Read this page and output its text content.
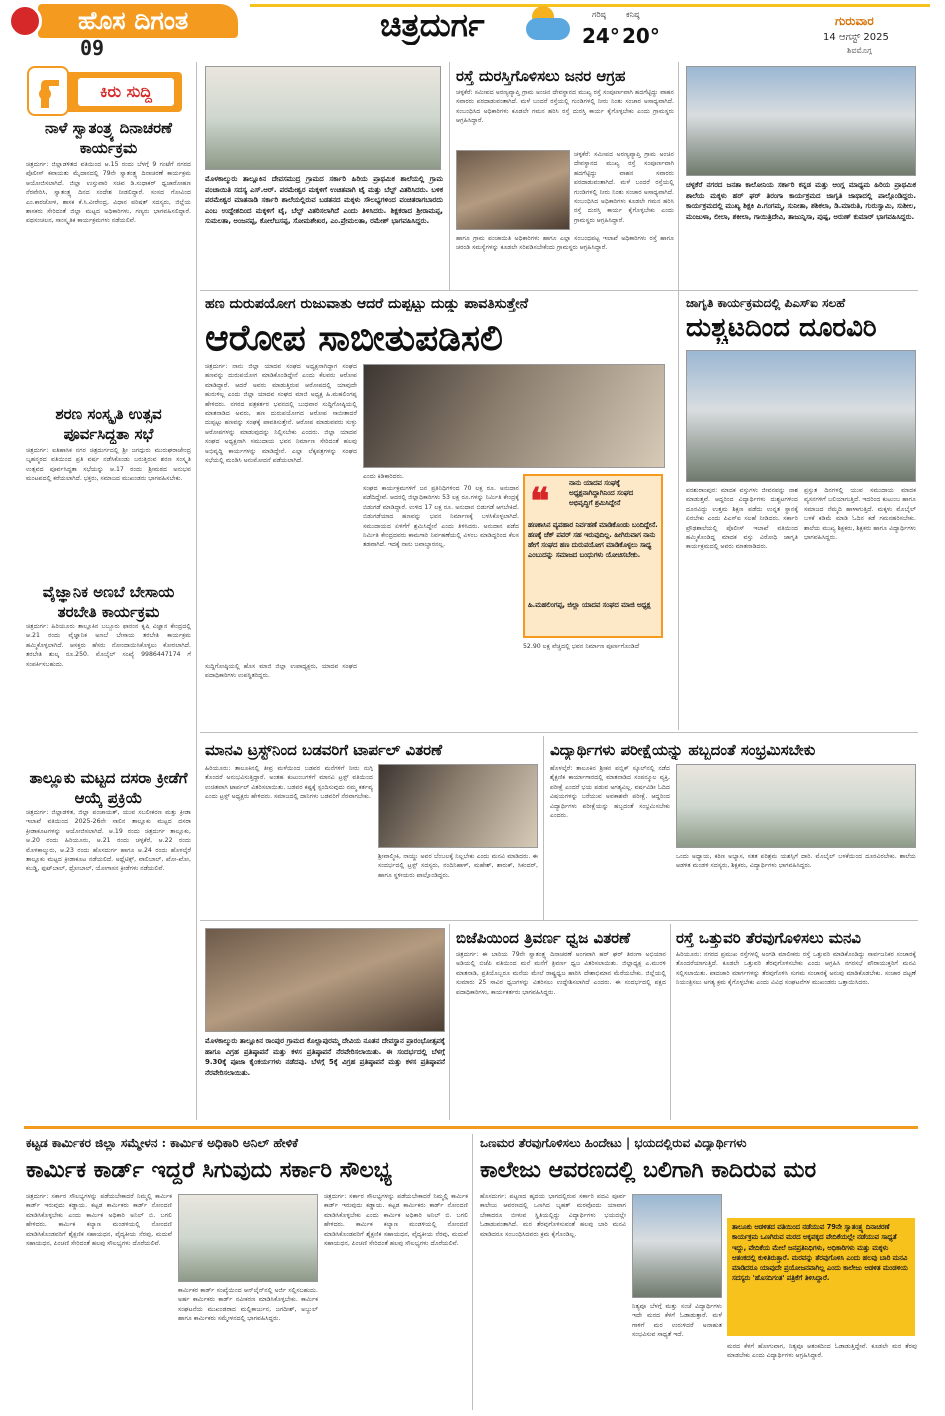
ಹೊಸ ದಿಗಂತ
09
ಚಿತ್ರದುರ್ಗ	ಗರಿಷ್ಠ
24°
ಕನಿಷ್ಠ
20°
ಗುರುವಾರ
14 ಆಗಸ್ಟ್ 2025
ಶಿವಮೊಗ್ಗ
ಕಿರು ಸುದ್ದಿ
ನಾಳೆ ಸ್ವಾತಂತ್ರ್ಯ ದಿನಾಚರಣೆ ಕಾರ್ಯಕ್ರಮ
ಚಿತ್ರದುರ್ಗ: ಜಿಲ್ಲಾಡಳಿತದ ವತಿಯಿಂದ ಆ.15 ರಂದು ಬೆಳಗ್ಗೆ 9 ಗಂಟೆಗೆ ನಗರದ ಪೊಲೀಸ್ ಕವಾಯತು ಮೈದಾನದಲ್ಲಿ 79ನೇ ಸ್ವಾತಂತ್ರ್ಯ ದಿನಾಚರಣೆ ಕಾರ್ಯಕ್ರಮ ಆಯೋಜಿಸಲಾಗಿದೆ. ಜಿಲ್ಲಾ ಉಸ್ತುವಾರಿ ಸಚಿವ ಡಿ.ಸುಧಾಕರ್ ಧ್ವಜಾರೋಹಣ ನೆರವೇರಿಸಿ, ಸ್ವಾತಂತ್ರ್ಯ ದಿನದ ಸಂದೇಶ ನೀಡಲಿದ್ದಾರೆ. ಸಂಸದ ಗೋವಿಂದ ಎಂ.ಕಾರಜೋಳ, ಶಾಸಕ ಕೆ.ಸಿ.ವೀರೇಂದ್ರ, ವಿಧಾನ ಪರಿಷತ್ ಸದಸ್ಯರು, ಜಿಲ್ಲೆಯ ಶಾಸಕರು ಸೇರಿದಂತೆ ಜಿಲ್ಲಾ ಮಟ್ಟದ ಅಧಿಕಾರಿಗಳು, ಗಣ್ಯರು ಭಾಗವಹಿಸಲಿದ್ದಾರೆ. ಪಥಸಂಚಲನ, ಸಾಂಸ್ಕೃತಿಕ ಕಾರ್ಯಕ್ರಮಗಳು ನಡೆಯಲಿವೆ.
ಶರಣ ಸಂಸ್ಕೃತಿ ಉತ್ಸವ ಪೂರ್ವಸಿದ್ಧತಾ ಸಭೆ
ಚಿತ್ರದುರ್ಗ: ಐತಿಹಾಸಿಕ ನಗರ ಚಿತ್ರದುರ್ಗದಲ್ಲಿ ಶ್ರೀ ಜಗದ್ಗುರು ಮುರುಘರಾಜೇಂದ್ರ ಬೃಹನ್ಮಠದ ವತಿಯಿಂದ ಪ್ರತಿ ವರ್ಷ ನಡೆಸಿಕೊಂಡು ಬರುತ್ತಿರುವ ಶರಣ ಸಂಸ್ಕೃತಿ ಉತ್ಸವದ ಪೂರ್ವಸಿದ್ಧತಾ ಸಭೆಯನ್ನು ಆ.17 ರಂದು ಶ್ರೀಮಠದ ಅನುಭವ ಮಂಟಪದಲ್ಲಿ ಕರೆಯಲಾಗಿದೆ. ಭಕ್ತರು, ಸಮಾಜದ ಮುಖಂಡರು ಭಾಗವಹಿಸಬೇಕು.
ವೈಜ್ಞಾನಿಕ ಅಣಬೆ ಬೇಸಾಯ ತರಬೇತಿ ಕಾರ್ಯಕ್ರಮ
ಚಿತ್ರದುರ್ಗ: ಹಿರಿಯೂರು ತಾಲ್ಲೂಕಿನ ಬಬ್ಬೂರು ಫಾರಂನ ಕೃಷಿ ವಿಜ್ಞಾನ ಕೇಂದ್ರದಲ್ಲಿ ಆ.21 ರಂದು ವೈಜ್ಞಾನಿಕ ಅಣಬೆ ಬೇಸಾಯ ತರಬೇತಿ ಕಾರ್ಯಕ್ರಮ ಹಮ್ಮಿಕೊಳ್ಳಲಾಗಿದೆ. ಆಸಕ್ತರು ಹೆಸರು ನೋಂದಾಯಿಸಿಕೊಳ್ಳಲು ಕೋರಲಾಗಿದೆ. ತರಬೇತಿ ಶುಲ್ಕ ರೂ.250. ಮೊಬೈಲ್ ಸಂಖ್ಯೆ 9986447174 ಗೆ ಸಂಪರ್ಕಿಸಬಹುದು.
ತಾಲ್ಲೂಕು ಮಟ್ಟದ ದಸರಾ ಕ್ರೀಡೆಗೆ ಆಯ್ಕೆ ಪ್ರಕ್ರಿಯೆ
ಚಿತ್ರದುರ್ಗ: ಜಿಲ್ಲಾಡಳಿತ, ಜಿಲ್ಲಾ ಪಂಚಾಯತ್, ಯುವ ಸಬಲೀಕರಣ ಮತ್ತು ಕ್ರೀಡಾ ಇಲಾಖೆ ವತಿಯಿಂದ 2025-26ನೇ ಸಾಲಿನ ತಾಲ್ಲೂಕು ಮಟ್ಟದ ದಸರಾ ಕ್ರೀಡಾಕೂಟಗಳನ್ನು ಆಯೋಜಿಸಲಾಗಿದೆ. ಆ.19 ರಂದು ಚಿತ್ರದುರ್ಗ ತಾಲ್ಲೂಕು, ಆ.20 ರಂದು ಹಿರಿಯೂರು, ಆ.21 ರಂದು ಚಳ್ಳಕೆರೆ, ಆ.22 ರಂದು ಮೊಳಕಾಲ್ಮುರು, ಆ.23 ರಂದು ಹೊಸದುರ್ಗ ಹಾಗೂ ಆ.24 ರಂದು ಹೊಳಲ್ಕೆರೆ ತಾಲ್ಲೂಕು ಮಟ್ಟದ ಕ್ರೀಡಾಕೂಟ ನಡೆಯಲಿದೆ. ಅಥ್ಲೆಟಿಕ್ಸ್, ವಾಲಿಬಾಲ್, ಖೋ-ಖೋ, ಕಬಡ್ಡಿ, ಫುಟ್‌ಬಾಲ್, ಥ್ರೋಬಾಲ್, ಯೋಗಾಸನ ಕ್ರೀಡೆಗಳು ನಡೆಯಲಿವೆ.
ಮೊಳಕಾಲ್ಮುರು ತಾಲ್ಲೂಕಿನ ದೇವಸಮುದ್ರ ಗ್ರಾಮದ ಸರ್ಕಾರಿ ಹಿರಿಯ ಪ್ರಾಥಮಿಕ ಶಾಲೆಯಲ್ಲಿ ಗ್ರಾಮ ಪಂಚಾಯಿತಿ ಸದಸ್ಯ ಎಸ್.ಆರ್. ಪರಮೇಶ್ವರ ಮಕ್ಕಳಿಗೆ ಉಚಿತವಾಗಿ ಟೈ ಮತ್ತು ಬೆಲ್ಟ್ ವಿತರಿಸಿದರು. ಬಳಿಕ ಪರಮೇಶ್ವರ ಮಾತನಾಡಿ ಸರ್ಕಾರಿ ಶಾಲೆಯಲ್ಲಿರುವ ಬಡತನದ ಮಕ್ಕಳು ಸೌಲಭ್ಯಗಳಿಂದ ವಂಚಿತರಾಗಬಾರದು ಎಂಬ ಉದ್ದೇಶದಿಂದ ಮಕ್ಕಳಿಗೆ ಟೈ, ಬೆಲ್ಟ್ ವಿತರಿಸಲಾಗಿದೆ ಎಂದು ತಿಳಿಸಿದರು. ಶಿಕ್ಷಕರಾದ ಶ್ರೀರಾಮಪ್ಪ, ಸುಮಲತಾ, ಅಂಜನಪ್ಪ, ಕೋಲೆಬಸಪ್ಪ, ಸೋಮಶೇಖರ, ಎಂ.ಪ್ರೇಮಲತಾ, ರಮೇಶ್ ಭಾಗವಹಿಸಿದ್ದರು.
ರಸ್ತೆ ದುರಸ್ತಿಗೊಳಿಸಲು ಜನರ ಆಗ್ರಹ
ಚಳ್ಳಕೆರೆ: ಸಮೀಪದ ಅರಣ್ಯವ್ಯಾಪ್ತಿ ಗ್ರಾಮ ಅಂಚಿನ ದೇವಸ್ಥಾನದ ಮುಖ್ಯ ರಸ್ತೆ ಸಂಪೂರ್ಣವಾಗಿ ಹದಗೆಟ್ಟಿದ್ದು ವಾಹನ ಸವಾರರು ಪರದಾಡುವಂತಾಗಿದೆ. ಮಳೆ ಬಂದರೆ ರಸ್ತೆಯಲ್ಲಿ ಗುಂಡಿಗಳಲ್ಲಿ ನೀರು ನಿಂತು ಸಂಚಾರ ಅಸಾಧ್ಯವಾಗಿದೆ. ಸಂಬಂಧಿಸಿದ ಅಧಿಕಾರಿಗಳು ಕೂಡಲೇ ಗಮನ ಹರಿಸಿ ರಸ್ತೆ ದುರಸ್ತಿ ಕಾರ್ಯ ಕೈಗೊಳ್ಳಬೇಕು ಎಂದು ಗ್ರಾಮಸ್ಥರು ಆಗ್ರಹಿಸಿದ್ದಾರೆ.
ಚಳ್ಳಕೆರೆ: ಸಮೀಪದ ಅರಣ್ಯವ್ಯಾಪ್ತಿ ಗ್ರಾಮ ಅಂಚಿನ ದೇವಸ್ಥಾನದ ಮುಖ್ಯ ರಸ್ತೆ ಸಂಪೂರ್ಣವಾಗಿ ಹದಗೆಟ್ಟಿದ್ದು ವಾಹನ ಸವಾರರು ಪರದಾಡುವಂತಾಗಿದೆ. ಮಳೆ ಬಂದರೆ ರಸ್ತೆಯಲ್ಲಿ ಗುಂಡಿಗಳಲ್ಲಿ ನೀರು ನಿಂತು ಸಂಚಾರ ಅಸಾಧ್ಯವಾಗಿದೆ. ಸಂಬಂಧಿಸಿದ ಅಧಿಕಾರಿಗಳು ಕೂಡಲೇ ಗಮನ ಹರಿಸಿ ರಸ್ತೆ ದುರಸ್ತಿ ಕಾರ್ಯ ಕೈಗೊಳ್ಳಬೇಕು ಎಂದು ಗ್ರಾಮಸ್ಥರು ಆಗ್ರಹಿಸಿದ್ದಾರೆ.
ಹಾಗೂ ಗ್ರಾಮ ಪಂಚಾಯಿತಿ ಅಧಿಕಾರಿಗಳು ಹಾಗೂ ಎಲ್ಲಾ ಸಂಬಂಧಪಟ್ಟ ಇಲಾಖೆ ಅಧಿಕಾರಿಗಳು ರಸ್ತೆ ಹಾಗೂ ಚರಂಡಿ ಸಮಸ್ಯೆಗಳನ್ನು ಕೂಡಲೇ ಸರಿಪಡಿಸಬೇಕೆಂದು ಗ್ರಾಮಸ್ಥರು ಆಗ್ರಹಿಸಿದ್ದಾರೆ.
ಚಳ್ಳಕೆರೆ ನಗರದ ಜನತಾ ಕಾಲೋನಿಯ ಸರ್ಕಾರಿ ಕನ್ನಡ ಮತ್ತು ಆಂಗ್ಲ ಮಾಧ್ಯಮ ಹಿರಿಯ ಪ್ರಾಥಮಿಕ ಶಾಲೆಯ ಮಕ್ಕಳು ಹರ್ ಘರ್ ತಿರಂಗಾ ಕಾರ್ಯಕ್ರಮದ ಜಾಗೃತಿ ಜಾಥಾದಲ್ಲಿ ಪಾಲ್ಗೊಂಡಿದ್ದರು. ಕಾರ್ಯಕ್ರಮದಲ್ಲಿ ಮುಖ್ಯ ಶಿಕ್ಷಕಿ ಪಿ.ಗಂಗಮ್ಮ, ಸುನೀತಾ, ಶಶಿಕಲಾ, ಡಿ.ಮಾರುತಿ, ಗುರುಸ್ವಾಮಿ, ಸುಶೀಲ, ಮಂಜುಳಾ, ಲೀಲಾ, ಶಕೀಲಾ, ಗಾಯಿತ್ರಿದೇವಿ, ತಾಜುನ್ನಿಸಾ, ಪುಷ್ಪ, ಅರುಣ್ ಕುಮಾರ್ ಭಾಗವಹಿಸಿದ್ದರು.
ಹಣ ದುರುಪಯೋಗ ರುಜುವಾತು ಆದರೆ ದುಪ್ಪಟ್ಟು ದುಡ್ಡು ಪಾವತಿಸುತ್ತೇನೆ
ಆರೋಪ ಸಾಬೀತುಪಡಿಸಲಿ
ಚಿತ್ರದುರ್ಗ: ನಾನು ಜಿಲ್ಲಾ ಯಾದವ ಸಂಘದ ಅಧ್ಯಕ್ಷನಾಗಿದ್ದಾಗ ಸಂಘದ ಹಣವನ್ನು ದುರುಪಯೋಗ ಮಾಡಿಕೊಂಡಿದ್ದೇನೆ ಎಂದು ಕೆಲವರು ಆರೋಪ ಮಾಡಿದ್ದಾರೆ. ಆದರೆ ಅವರು ಮಾಡುತ್ತಿರುವ ಆರೋಪದಲ್ಲಿ ಯಾವುದೇ ಹುರುಳಿಲ್ಲ ಎಂದು ಜಿಲ್ಲಾ ಯಾದವ ಸಂಘದ ಮಾಜಿ ಅಧ್ಯಕ್ಷ ಹಿ.ಮಹಲಿಂಗಪ್ಪ ಹೇಳಿದರು. ನಗರದ ಪತ್ರಕರ್ತರ ಭವನದಲ್ಲಿ ಬುಧವಾರ ಸುದ್ದಿಗೋಷ್ಠಿಯಲ್ಲಿ ಮಾತನಾಡಿದ ಅವರು, ಹಣ ದುರುಪಯೋಗದ ಆರೋಪ ಸಾಬೀತಾದರೆ ದುಪ್ಪಟ್ಟು ಹಣವನ್ನು ಸಂಘಕ್ಕೆ ಪಾವತಿಸುತ್ತೇನೆ. ಆರೋಪ ಮಾಡುವವರು ಸುಳ್ಳು ಆರೋಪಗಳನ್ನು ಮಾಡುವುದನ್ನು ನಿಲ್ಲಿಸಬೇಕು ಎಂದರು. ಜಿಲ್ಲಾ ಯಾದವ ಸಂಘದ ಅಧ್ಯಕ್ಷನಾಗಿ ಸಮುದಾಯ ಭವನ ನಿರ್ಮಾಣ ಸೇರಿದಂತೆ ಹಲವು ಅಭಿವೃದ್ಧಿ ಕಾರ್ಯಗಳನ್ನು ಮಾಡಿದ್ದೇನೆ. ಎಲ್ಲಾ ಲೆಕ್ಕಪತ್ರಗಳನ್ನು ಸಂಘದ ಸಭೆಯಲ್ಲಿ ಮಂಡಿಸಿ ಅನುಮೋದನೆ ಪಡೆಯಲಾಗಿದೆ.
ಎಂದು ಕಿಡಿಕಾರಿದರು.
ಸಂಘದ ಕಾರ್ಯಕ್ರಮಗಳಿಗೆ ಜನ ಪ್ರತಿನಿಧಿಗಳಿಂದ 70 ಲಕ್ಷ ರೂ. ಅನುದಾನ ಪಡೆದಿದ್ದೇವೆ. ಆದರಲ್ಲಿ ಜಿಲ್ಲಾಧಿಕಾರಿಗಳು 53 ಲಕ್ಷ ರೂ.ಗಳನ್ನು ನಿರ್ಮಿತಿ ಕೇಂದ್ರಕ್ಕೆ ಬಿಡುಗಡೆ ಮಾಡಿದ್ದಾರೆ. ಉಳಿದ 17 ಲಕ್ಷ ರೂ. ಅನುದಾನ ಬಿಡುಗಡೆ ಆಗಬೇಕಿದೆ. ಬಿಡುಗಡೆಯಾದ ಹಣವನ್ನು ಭವನ ನಿರ್ಮಾಣಕ್ಕೆ ಬಳಸಿಕೊಳ್ಳಲಾಗಿದೆ. ಸಮುದಾಯದ ಏಳಿಗೆಗೆ ಶ್ರಮಿಸಿದ್ದೇನೆ ಎಂದು ತಿಳಿಸಿದರು. ಅನುದಾನ ಪಡೆದ ನಿರ್ಮಿತಿ ಕೇಂದ್ರದವರು ಕಾಮಗಾರಿ ನಿರ್ವಹಣೆಯಲ್ಲಿ ವಿಳಂಬ ಮಾಡಿದ್ದರಿಂದ ಕೆಲಸ ತಡವಾಗಿದೆ. ಇದಕ್ಕೆ ನಾನು ಜವಾಬ್ದಾರನಲ್ಲ.
ಸುದ್ದಿಗೋಷ್ಠಿಯಲ್ಲಿ ಹೊಸ ಮಾಜಿ ಜಿಲ್ಲಾ ಉಪಾಧ್ಯಕ್ಷರು, ಯಾದವ ಸಂಘದ ಪದಾಧಿಕಾರಿಗಳು ಉಪಸ್ಥಿತರಿದ್ದರು.
❝	ನಾನು ಯಾದವ ಸಂಘಕ್ಕೆ ಅಧ್ಯಕ್ಷನಾಗಿದ್ದಾಗಿನಿಂದ ಸಂಘದ ಅಭಿವೃದ್ಧಿಗೆ ಶ್ರಮಿಸಿದ್ದೇನೆ
ಹಣಕಾಸಿನ ವ್ಯವಹಾರ ನಿರ್ವಹಣೆ ಮಾಡಿಕೊಂಡು ಬಂದಿದ್ದೇನೆ. ಹಣಕ್ಕೆ ಚೆಕ್ ಪವರ್ ಸಹ ಇರುವುದಿಲ್ಲ. ಹೀಗಿರುವಾಗ ನಾನು ಹೇಗೆ ಸಂಘದ ಹಣ ದುರುಪಯೋಗ ಮಾಡಿಕೊಳ್ಳಲು ಸಾಧ್ಯ ಎಂಬುದನ್ನು ಸಮಾಜದ ಬಂಧುಗಳು ಯೋಚಿಸಬೇಕು.
ಹಿ.ಮಹಲಿಂಗಪ್ಪ, ಜಿಲ್ಲಾ ಯಾದವ ಸಂಘದ ಮಾಜಿ ಅಧ್ಯಕ್ಷ
52.90 ಲಕ್ಷ ವೆಚ್ಚದಲ್ಲಿ ಭವನ ನಿರ್ಮಾಣ ಪೂರ್ಣಗೊಂಡಿದೆ
ಜಾಗೃತಿ ಕಾರ್ಯಕ್ರಮದಲ್ಲಿ ಪಿಎಸ್ಐ ಸಲಹೆ
ದುಶ್ಚಟದಿಂದ ದೂರವಿರಿ
ಪರಶುರಾಂಪುರ: ಮಾದಕ ವಸ್ತುಗಳು ಜೀವನವನ್ನು ನಾಶ ಮಾಡುತ್ತವೆ. ಆದ್ದರಿಂದ ವಿದ್ಯಾರ್ಥಿಗಳು ದುಶ್ಚಟಗಳಿಂದ ದೂರವಿದ್ದು ಉತ್ತಮ ಶಿಕ್ಷಣ ಪಡೆದು ಉನ್ನತ ಸ್ಥಾನಕ್ಕೆ ಏರಬೇಕು ಎಂದು ಪಿಎಸ್ಐ ಸಲಹೆ ನೀಡಿದರು. ಸರ್ಕಾರಿ ಪ್ರೌಢಶಾಲೆಯಲ್ಲಿ ಪೊಲೀಸ್ ಇಲಾಖೆ ವತಿಯಿಂದ ಹಮ್ಮಿಕೊಂಡಿದ್ದ ಮಾದಕ ವಸ್ತು ವಿರೋಧಿ ಜಾಗೃತಿ ಕಾರ್ಯಕ್ರಮದಲ್ಲಿ ಅವರು ಮಾತನಾಡಿದರು.
ಪ್ರಸ್ತುತ ದಿನಗಳಲ್ಲಿ ಯುವ ಸಮುದಾಯ ಮಾದಕ ವ್ಯಸನಗಳಿಗೆ ಬಲಿಯಾಗುತ್ತಿದೆ. ಇದರಿಂದ ಕುಟುಂಬ ಹಾಗೂ ಸಮಾಜದ ನೆಮ್ಮದಿ ಹಾಳಾಗುತ್ತಿದೆ. ಮಕ್ಕಳು ಮೊಬೈಲ್ ಬಳಕೆ ಕಡಿಮೆ ಮಾಡಿ ಓದಿನ ಕಡೆ ಗಮನಹರಿಸಬೇಕು. ಶಾಲೆಯ ಮುಖ್ಯ ಶಿಕ್ಷಕರು, ಶಿಕ್ಷಕರು ಹಾಗೂ ವಿದ್ಯಾರ್ಥಿಗಳು ಭಾಗವಹಿಸಿದ್ದರು.
ಮಾನವಿ ಟ್ರಸ್ಟ್‌ನಿಂದ ಬಡವರಿಗೆ ಟಾರ್ಪಲ್ ವಿತರಣೆ
ಹಿರಿಯೂರು: ತಾಲೂಕಿನಲ್ಲಿ ತೀವ್ರ ಮಳೆಯಿಂದ ಬಡವರ ಮನೆಗಳಿಗೆ ನೀರು ನುಗ್ಗಿ ತೊಂದರೆ ಅನುಭವಿಸುತ್ತಿದ್ದಾರೆ. ಅಂತಹ ಕುಟುಂಬಗಳಿಗೆ ಮಾನವಿ ಟ್ರಸ್ಟ್ ವತಿಯಿಂದ ಉಚಿತವಾಗಿ ಟಾರ್ಪಲ್ ವಿತರಿಸಲಾಯಿತು. ಬಡವರ ಕಷ್ಟಕ್ಕೆ ಸ್ಪಂದಿಸುವುದು ನಮ್ಮ ಕರ್ತವ್ಯ ಎಂದು ಟ್ರಸ್ಟ್ ಅಧ್ಯಕ್ಷರು ಹೇಳಿದರು. ಸಮಾಜದಲ್ಲಿ ದಾನಿಗಳು ಬಡವರಿಗೆ ನೆರವಾಗಬೇಕು.
ಶ್ರೀವಾಲ್ಮೀಕಿ, ನಾಯ್ಡು ಅವರ ಬೆಂಬಲಕ್ಕೆ ನಿಲ್ಲಬೇಕು ಎಂದು ಮನವಿ ಮಾಡಿದರು. ಈ ಸಂದರ್ಭದಲ್ಲಿ ಟ್ರಸ್ಟ್ ಸದಸ್ಯರು, ನಂದಿನಿಹಾಳ್, ಮಹೇಶ್, ಶಾರುಕ್, ಸಿಕಂದರ್, ಹಾಗೂ ಸ್ಥಳೀಯರು ಪಾಲ್ಗೊಂಡಿದ್ದರು.
ವಿದ್ಯಾರ್ಥಿಗಳು ಪರೀಕ್ಷೆಯನ್ನು ಹಬ್ಬದಂತೆ ಸಂಭ್ರಮಿಸಬೇಕು
ಹೊಳಲ್ಕೆರೆ: ತಾಲೂಕಿನ ಶ್ರೀಕನ ಪಬ್ಲಿಕ್ ಸ್ಕೂಲ್‌ನಲ್ಲಿ ನಡೆದ ಶೈಕ್ಷಣಿಕ ಕಾರ್ಯಾಗಾರದಲ್ಲಿ ಮಾತನಾಡಿದ ಸಂಪನ್ಮೂಲ ವ್ಯಕ್ತಿ, ಪರೀಕ್ಷೆ ಎಂದರೆ ಭಯ ಪಡುವ ಅಗತ್ಯವಿಲ್ಲ. ವರ್ಷವಿಡೀ ಓದಿದ ವಿಷಯಗಳನ್ನು ಬರೆಯುವ ಅವಕಾಶವೇ ಪರೀಕ್ಷೆ. ಆದ್ದರಿಂದ ವಿದ್ಯಾರ್ಥಿಗಳು ಪರೀಕ್ಷೆಯನ್ನು ಹಬ್ಬದಂತೆ ಸಂಭ್ರಮಿಸಬೇಕು ಎಂದರು.
ಒಂದು ಅಧ್ಯಾಯ, ಕಠಿಣ ಅಭ್ಯಾಸ, ಸತತ ಪರಿಶ್ರಮ ಯಶಸ್ಸಿಗೆ ದಾರಿ. ಮೊಬೈಲ್ ಬಳಕೆಯಿಂದ ದೂರವಿರಬೇಕು. ಶಾಲೆಯ ಆಡಳಿತ ಮಂಡಳಿ ಸದಸ್ಯರು, ಶಿಕ್ಷಕರು, ವಿದ್ಯಾರ್ಥಿಗಳು ಭಾಗವಹಿಸಿದ್ದರು.
ಮೊಳಕಾಲ್ಮುರು ತಾಲ್ಲೂಕಿನ ರಾಂಪುರ ಗ್ರಾಮದ ಕೊಲ್ಲಾಪುರಮ್ಮ ದೇವಿಯ ನೂತನ ದೇವಸ್ಥಾನ ಪ್ರಾರಂಭೋತ್ಸವಕ್ಕೆ ಹಾಗೂ ವಿಗ್ರಹ ಪ್ರತಿಷ್ಠಾಪನೆ ಮತ್ತು ಕಳಸ ಪ್ರತಿಷ್ಠಾಪನೆ ನೆರವೇರಿಸಲಾಯಿತು. ಈ ಸಂದರ್ಭದಲ್ಲಿ ಬೆಳಗ್ಗೆ 9.30ಕ್ಕೆ ಪೂಜಾ ಕೈಂಕರ್ಯಗಳು ನಡೆದವು. ಬೆಳಗ್ಗೆ 5ಕ್ಕೆ ವಿಗ್ರಹ ಪ್ರತಿಷ್ಠಾಪನೆ ಮತ್ತು ಕಳಸ ಪ್ರತಿಷ್ಠಾಪನೆ ನೆರವೇರಿಸಲಾಯಿತು.
ಬಿಜೆಪಿಯಿಂದ ತ್ರಿವರ್ಣ ಧ್ವಜ ವಿತರಣೆ
ಚಿತ್ರದುರ್ಗ: ಈ ಬಾರಿಯ 79ನೇ ಸ್ವಾತಂತ್ರ್ಯ ದಿನಾಚರಣೆ ಅಂಗವಾಗಿ ಹರ್ ಘರ್ ತಿರಂಗಾ ಅಭಿಯಾನ ಅಡಿಯಲ್ಲಿ ಬಿಜೆಪಿ ವತಿಯಿಂದ ಮನೆ ಮನೆಗೆ ತ್ರಿವರ್ಣ ಧ್ವಜ ವಿತರಿಸಲಾಯಿತು. ಜಿಲ್ಲಾಧ್ಯಕ್ಷ ಎ.ಮುರಳಿ ಮಾತನಾಡಿ, ಪ್ರತಿಯೊಬ್ಬರೂ ಮನೆಯ ಮೇಲೆ ರಾಷ್ಟ್ರಧ್ವಜ ಹಾರಿಸಿ ದೇಶಾಭಿಮಾನ ಮೆರೆಯಬೇಕು. ಜಿಲ್ಲೆಯಲ್ಲಿ ಸುಮಾರು 25 ಸಾವಿರ ಧ್ವಜಗಳನ್ನು ವಿತರಿಸಲು ಉದ್ದೇಶಿಸಲಾಗಿದೆ ಎಂದರು. ಈ ಸಂದರ್ಭದಲ್ಲಿ ಪಕ್ಷದ ಪದಾಧಿಕಾರಿಗಳು, ಕಾರ್ಯಕರ್ತರು ಭಾಗವಹಿಸಿದ್ದರು.
ರಸ್ತೆ ಒತ್ತುವರಿ ತೆರವುಗೊಳಿಸಲು ಮನವಿ
ಹಿರಿಯೂರು: ನಗರದ ಪ್ರಮುಖ ರಸ್ತೆಗಳಲ್ಲಿ ಅಂಗಡಿ ಮಾಲೀಕರು ರಸ್ತೆ ಒತ್ತುವರಿ ಮಾಡಿಕೊಂಡಿದ್ದು ಸಾರ್ವಜನಿಕರ ಸಂಚಾರಕ್ಕೆ ತೊಂದರೆಯಾಗುತ್ತಿದೆ. ಕೂಡಲೇ ಒತ್ತುವರಿ ತೆರವುಗೊಳಿಸಬೇಕು ಎಂದು ಆಗ್ರಹಿಸಿ ನಗರಸಭೆ ಪೌರಾಯುಕ್ತರಿಗೆ ಮನವಿ ಸಲ್ಲಿಸಲಾಯಿತು. ಪಾದಚಾರಿ ಮಾರ್ಗಗಳನ್ನು ತೆರವುಗೊಳಿಸಿ ಸುಗಮ ಸಂಚಾರಕ್ಕೆ ಅನುವು ಮಾಡಿಕೊಡಬೇಕು. ಸಂಚಾರ ದಟ್ಟಣೆ ನಿಯಂತ್ರಿಸಲು ಅಗತ್ಯ ಕ್ರಮ ಕೈಗೊಳ್ಳಬೇಕು ಎಂದು ವಿವಿಧ ಸಂಘಟನೆಗಳ ಮುಖಂಡರು ಒತ್ತಾಯಿಸಿದರು.
ಕಟ್ಟಡ ಕಾರ್ಮಿಕರ ಜಿಲ್ಲಾ ಸಮ್ಮೇಳನ : ಕಾರ್ಮಿಕ ಅಧಿಕಾರಿ ಅನಿಲ್ ಹೇಳಿಕೆ
ಕಾರ್ಮಿಕ ಕಾರ್ಡ್ ಇದ್ದರೆ ಸಿಗುವುದು ಸರ್ಕಾರಿ ಸೌಲಭ್ಯ
ಚಿತ್ರದುರ್ಗ: ಸರ್ಕಾರ ಸೌಲಭ್ಯಗಳನ್ನು ಪಡೆಯಬೇಕಾದರೆ ನಿಮ್ಮಲ್ಲಿ ಕಾರ್ಮಿಕ ಕಾರ್ಡ್ ಇರುವುದು ಕಡ್ಡಾಯ. ಕಟ್ಟಡ ಕಾರ್ಮಿಕರು ಕಾರ್ಡ್ ನೋಂದಣಿ ಮಾಡಿಸಿಕೊಳ್ಳಬೇಕು ಎಂದು ಕಾರ್ಮಿಕ ಅಧಿಕಾರಿ ಅನಿಲ್ ಬಿ. ಬಗಲಿ ಹೇಳಿದರು. ಕಾರ್ಮಿಕ ಕಲ್ಯಾಣ ಮಂಡಳಿಯಲ್ಲಿ ನೋಂದಣಿ ಮಾಡಿಸಿಕೊಂಡವರಿಗೆ ಶೈಕ್ಷಣಿಕ ಸಹಾಯಧನ, ವೈದ್ಯಕೀಯ ನೆರವು, ಮದುವೆ ಸಹಾಯಧನ, ಪಿಂಚಣಿ ಸೇರಿದಂತೆ ಹಲವು ಸೌಲಭ್ಯಗಳು ದೊರೆಯಲಿವೆ.
ಕಾರ್ಮಿಕರ ಕಾರ್ಡ್ ಸಂಖ್ಯೆಯಿಂದ ಆನ್‌ಲೈನ್‌ನಲ್ಲಿ ಅರ್ಜಿ ಸಲ್ಲಿಸಬಹುದು. ಅರ್ಹ ಕಾರ್ಮಿಕರು ಕಾರ್ಡ್ ನವೀಕರಣ ಮಾಡಿಸಿಕೊಳ್ಳಬೇಕು. ಕಾರ್ಮಿಕ ಸಂಘಟನೆಯ ಮುಖಂಡರಾದ ಮಲ್ಲಿಕಾರ್ಜುನ, ಜಗದೀಶ್, ಅಬ್ದುಲ್ ಹಾಗೂ ಕಾರ್ಮಿಕರು ಸಮ್ಮೇಳನದಲ್ಲಿ ಭಾಗವಹಿಸಿದ್ದರು.
ಚಿತ್ರದುರ್ಗ: ಸರ್ಕಾರ ಸೌಲಭ್ಯಗಳನ್ನು ಪಡೆಯಬೇಕಾದರೆ ನಿಮ್ಮಲ್ಲಿ ಕಾರ್ಮಿಕ ಕಾರ್ಡ್ ಇರುವುದು ಕಡ್ಡಾಯ. ಕಟ್ಟಡ ಕಾರ್ಮಿಕರು ಕಾರ್ಡ್ ನೋಂದಣಿ ಮಾಡಿಸಿಕೊಳ್ಳಬೇಕು ಎಂದು ಕಾರ್ಮಿಕ ಅಧಿಕಾರಿ ಅನಿಲ್ ಬಿ. ಬಗಲಿ ಹೇಳಿದರು. ಕಾರ್ಮಿಕ ಕಲ್ಯಾಣ ಮಂಡಳಿಯಲ್ಲಿ ನೋಂದಣಿ ಮಾಡಿಸಿಕೊಂಡವರಿಗೆ ಶೈಕ್ಷಣಿಕ ಸಹಾಯಧನ, ವೈದ್ಯಕೀಯ ನೆರವು, ಮದುವೆ ಸಹಾಯಧನ, ಪಿಂಚಣಿ ಸೇರಿದಂತೆ ಹಲವು ಸೌಲಭ್ಯಗಳು ದೊರೆಯಲಿವೆ.
ಒಣಮರ ತೆರವುಗೊಳಿಸಲು ಹಿಂದೇಟು | ಭಯದಲ್ಲಿರುವ ವಿದ್ಯಾರ್ಥಿಗಳು
ಕಾಲೇಜು ಆವರಣದಲ್ಲಿ ಬಲಿಗಾಗಿ ಕಾದಿರುವ ಮರ
ಹೊಸದುರ್ಗ: ಪಟ್ಟಣದ ಹೃದಯ ಭಾಗದಲ್ಲಿರುವ ಸರ್ಕಾರಿ ಪದವಿ ಪೂರ್ವ ಕಾಲೇಜು ಆವರಣದಲ್ಲಿ ಒಣಗಿದ ಬೃಹತ್ ಮರವೊಂದು ಯಾವಾಗ ಬೇಕಾದರೂ ಬೀಳುವ ಸ್ಥಿತಿಯಲ್ಲಿದ್ದು ವಿದ್ಯಾರ್ಥಿಗಳು ಭಯದಲ್ಲೇ ಓಡಾಡುವಂತಾಗಿದೆ. ಮರ ತೆರವುಗೊಳಿಸುವಂತೆ ಹಲವು ಬಾರಿ ಮನವಿ ಮಾಡಿದರೂ ಸಂಬಂಧಿಸಿದವರು ಕ್ರಮ ಕೈಗೊಂಡಿಲ್ಲ.
ನಿತ್ಯವೂ ಬೆಳಗ್ಗೆ ಮತ್ತು ಸಂಜೆ ವಿದ್ಯಾರ್ಥಿಗಳು ಇದೇ ಮರದ ಕೆಳಗೆ ಓಡಾಡುತ್ತಾರೆ. ಮಳೆ ಗಾಳಿಗೆ ಮರ ಉರುಳಿದರೆ ಅನಾಹುತ ಸಂಭವಿಸುವ ಸಾಧ್ಯತೆ ಇದೆ.
ತಾಲೂಕು ಆಡಳಿತದ ವತಿಯಿಂದ ನಡೆಯುವ 79ನೇ ಸ್ವಾತಂತ್ರ್ಯ ದಿನಾಚರಣೆ ಕಾರ್ಯಕ್ರಮ ಒಣಗಿರುವ ಮರದ ಅಕ್ಕಪಕ್ಕದ ವೇದಿಕೆಯಲ್ಲೇ ನಡೆಯುವ ಸಾಧ್ಯತೆ ಇದ್ದು, ವೇದಿಕೆಯ ಮೇಲೆ ಜನಪ್ರತಿನಿಧಿಗಳು, ಅಧಿಕಾರಿಗಳು ಮತ್ತು ಮಕ್ಕಳು ಆತಂಕದಲ್ಲಿ ಕುಳಿತಿರುತ್ತಾರೆ. ಮರವನ್ನು ತೆರವುಗೊಳಿಸಿ ಎಂದು ಹಲವು ಬಾರಿ ಮನವಿ ಮಾಡಿದರೂ ಯಾವುದೇ ಪ್ರಯೋಜನವಾಗಿಲ್ಲ ಎಂದು ಕಾಲೇಜು ಆಡಳಿತ ಮಂಡಳಿಯ ಸದಸ್ಯರು 'ಹೊಸದಿಗಂತ' ಪತ್ರಿಕೆಗೆ ತಿಳಿಸಿದ್ದಾರೆ.
ಮರದ ಕೆಳಗೆ ಹೋಗುವಾಗ, ನಿತ್ಯವೂ ಆತಂಕದಿಂದ ಓಡಾಡುತ್ತಿದ್ದೇವೆ. ಕೂಡಲೇ ಮರ ತೆರವು ಮಾಡಬೇಕು ಎಂದು ವಿದ್ಯಾರ್ಥಿಗಳು ಆಗ್ರಹಿಸಿದ್ದಾರೆ.
